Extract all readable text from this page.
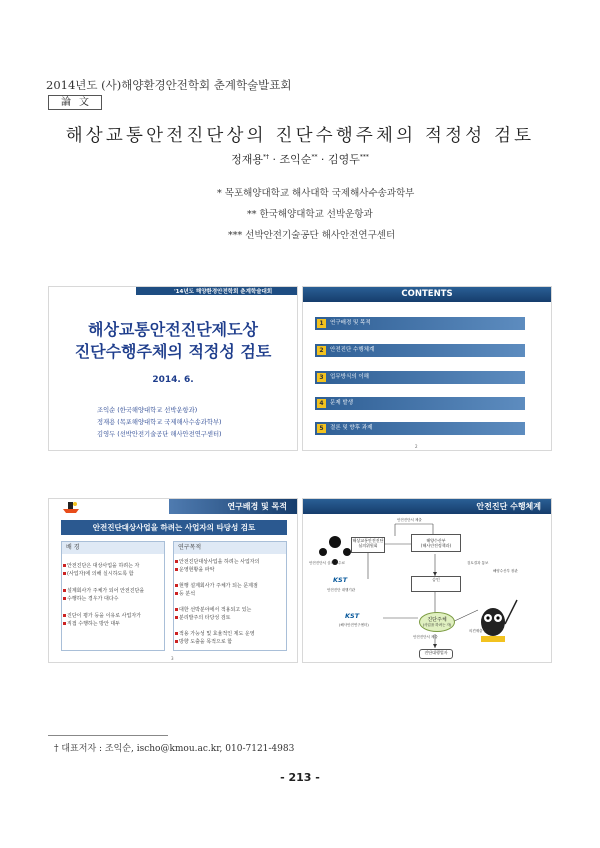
2014년도 (사)해양환경안전학회 춘계학술발표회
論文
해상교통안전진단상의 진단수행주체의 적정성 검토
정재용*† · 조익순** · 김영두***
* 목포해양대학교 해사대학 국제해사수송과학부
** 한국해양대학교 선박운항과
*** 선박안전기술공단 해사안전연구센터
'14년도 해양환경안전학회 춘계학술대회
해상교통안전진단제도상
진단수행주체의 적정성 검토
2014. 6.
조익순 (한국해양대학교 선박운항과)
정재용 (목포해양대학교 국제해사수송과학부)
김영두 (선박안전기술공단 해사안전연구센터)
CONTENTS
1	연구배경 및 목적
2	안전진단 수행체계
3	업무방식의 이해
4	문제 발생
5	결론 및 향후 과제
2
연구배경 및 목적
안전진단대상사업을 하려는 사업자의 타당성 검토
배 경
안전진단은 대상사업을 하려는 자
(사업자)에 의해 실시하도록 함
설계회사가 주체가 되어 안전진단을
수행하는 경우가 대다수
진단이 평가 등을 이유로 사업자가
직접 수행하는 방안 대두
연구목적
안전진단대상사업을 하려는 사업자의
운영현황을 파악
현행 설계회사가 주체가 되는 문제점
등 분석
대한 선박분야에서 적용되고 있는
분리발주의 타당성 검토
적용 가능성 및 효율적인 제도 운영
방향 도출을 목적으로 함
3
안전진단 수행체계
안전진단서 제출
해상교통안전진단 심의위원회
해양수산부
(해사안전정책과)
안전진단서 심의 수수료	검토결과 통보
해양수산부 장관
KST
안전진단 대행기관
승인
KST
(해사안전연구센터)
진단주체
(사업을 하려는 자)
안전진단서 제출
의견제출 통보
진단대행업자
† 대표저자 : 조익순, ischo@kmou.ac.kr, 010-7121-4983
- 213 -
